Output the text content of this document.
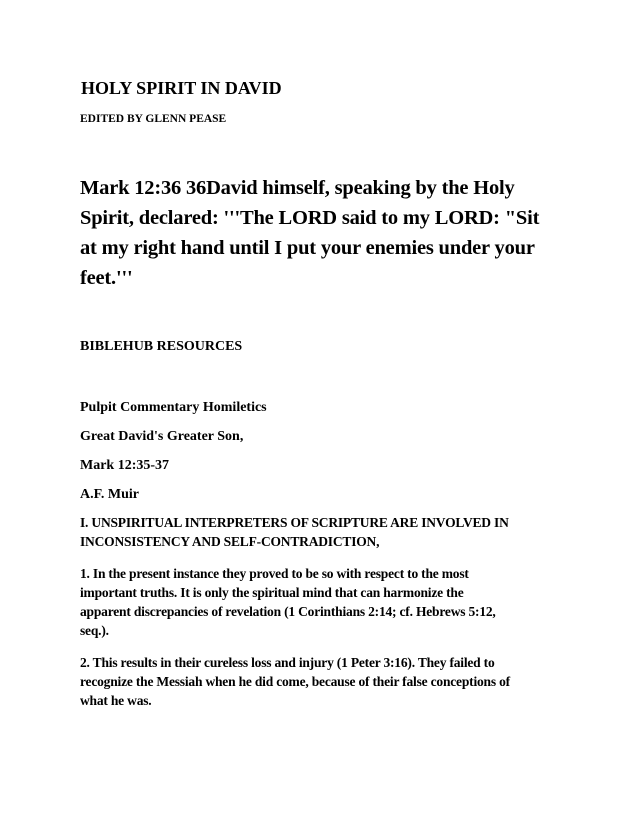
HOLY SPIRIT IN DAVID
EDITED BY GLENN PEASE
Mark 12:36 36David himself, speaking by the Holy
Spirit, declared: '''The LORD said to my LORD: "Sit
at my right hand until I put your enemies under your
feet.'''
BIBLEHUB RESOURCES
Pulpit Commentary Homiletics
Great David's Greater Son,
Mark 12:35-37
A.F. Muir
I. UNSPIRITUAL INTERPRETERS OF SCRIPTURE ARE INVOLVED IN
INCONSISTENCY AND SELF-CONTRADICTION,
1. In the present instance they proved to be so with respect to the most
important truths. It is only the spiritual mind that can harmonize the
apparent discrepancies of revelation (1 Corinthians 2:14; cf. Hebrews 5:12,
seq.).
2. This results in their cureless loss and injury (1 Peter 3:16). They failed to
recognize the Messiah when he did come, because of their false conceptions of
what he was.
